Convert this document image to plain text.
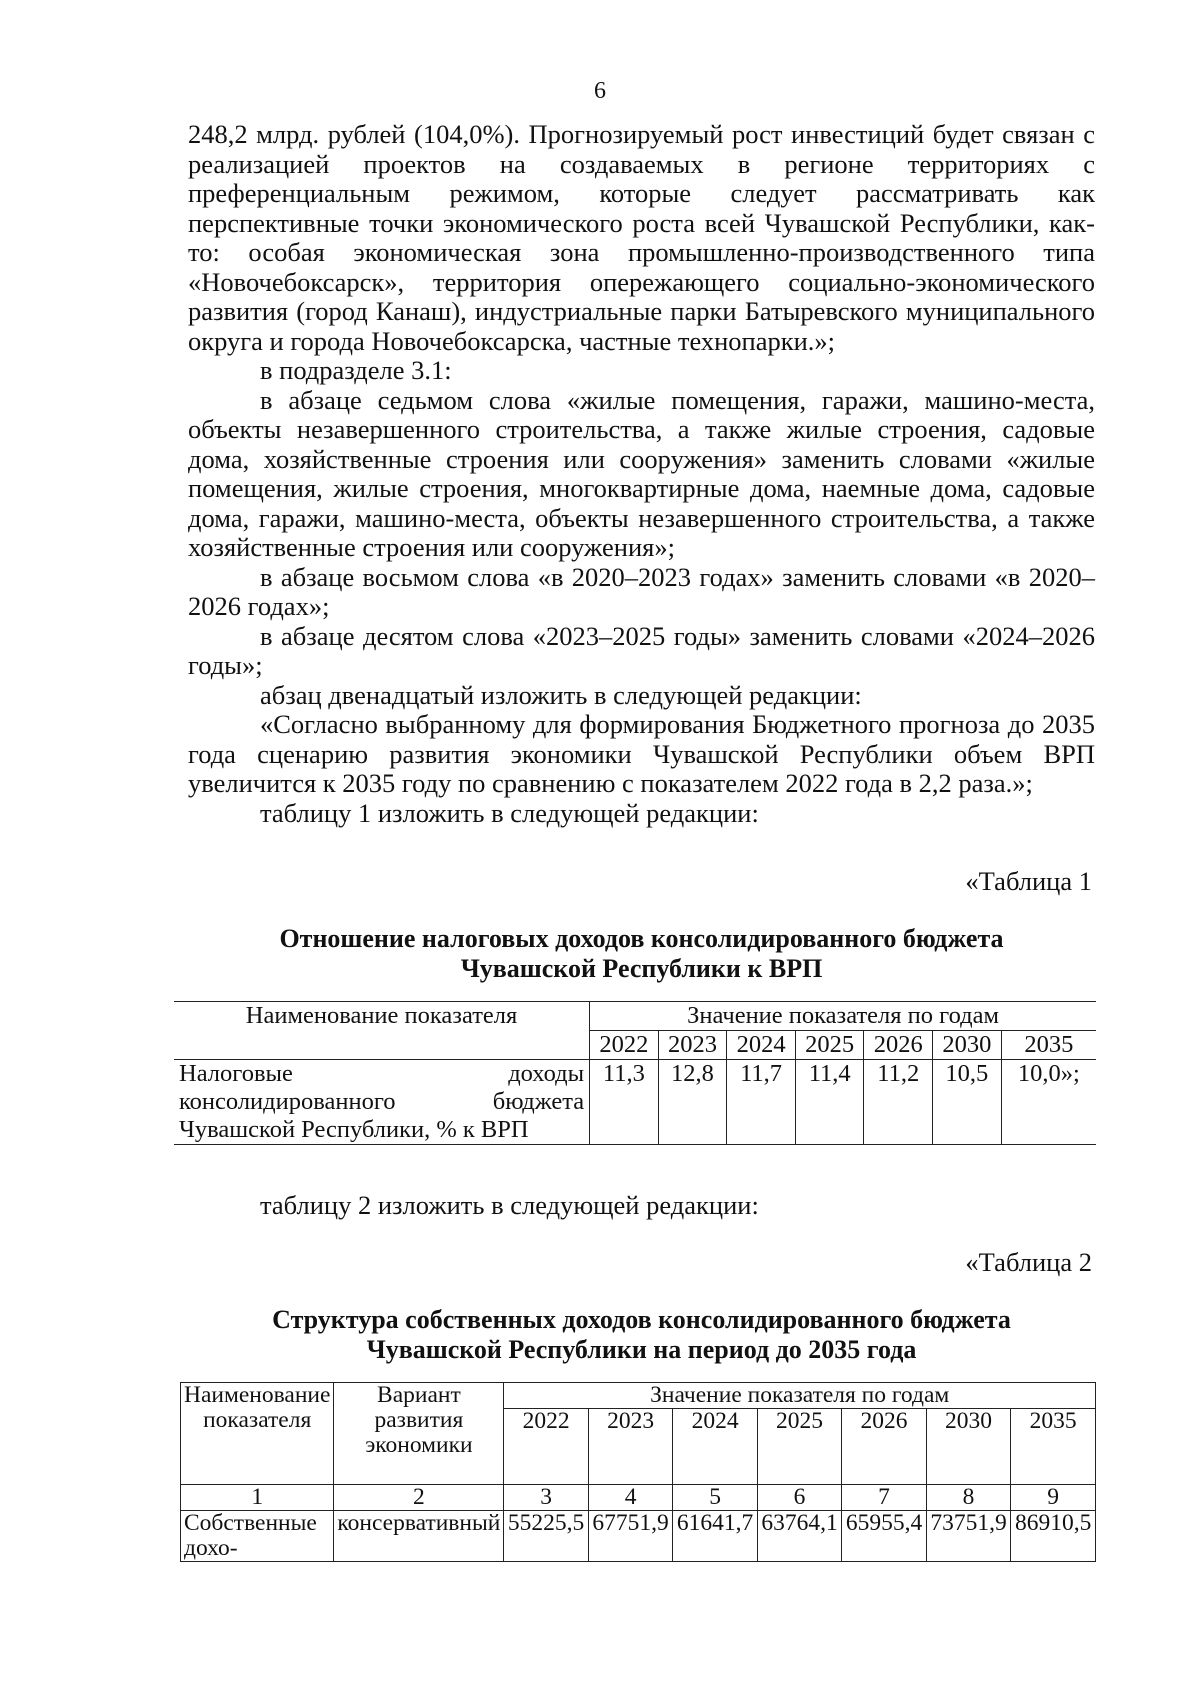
6

248,2 млрд. рублей (104,0%). Прогнозируемый рост инвестиций будет связан с реализацией проектов на создаваемых в регионе территориях с преференциальным режимом, которые следует рассматривать как перспективные точки экономического роста всей Чувашской Республики, как-то: особая экономическая зона промышленно-производственного типа «Новочебоксарск», территория опережающего социально-экономического развития (город Канаш), индустриальные парки Батыревского муниципального округа и города Новочебоксарска, частные технопарки.»;

в подразделе 3.1:

в абзаце седьмом слова «жилые помещения, гаражи, машино-места, объекты незавершенного строительства, а также жилые строения, садовые дома, хозяйственные строения или сооружения» заменить словами «жилые помещения, жилые строения, многоквартирные дома, наемные дома, садовые дома, гаражи, машино-места, объекты незавершенного строительства, а также хозяйственные строения или сооружения»;

в абзаце восьмом слова «в 2020–2023 годах» заменить словами «в 2020–2026 годах»;

в абзаце десятом слова «2023–2025 годы» заменить словами «2024–2026 годы»;

абзац двенадцатый изложить в следующей редакции:

«Согласно выбранному для формирования Бюджетного прогноза до 2035 года сценарию развития экономики Чувашской Республики объем ВРП увеличится к 2035 году по сравнению с показателем 2022 года в 2,2 раза.»;

таблицу 1 изложить в следующей редакции:

«Таблица 1
Отношение налоговых доходов консолидированного бюджета
Чувашской Республики к ВРП
Наименование показателя	Значение показателя по годам						
	2022	2023	2024	2025	2026	2030	2035
Налоговые доходы консолидированного бюджета Чувашской Республики, % к ВРП	11,3	12,8	11,7	11,4	11,2	10,5	10,0»;
таблицу 2 изложить в следующей редакции:
«Таблица 2
Структура собственных доходов консолидированного бюджета
Чувашской Республики на период до 2035 года
Наименование показателя	Вариант развития экономики	Значение показателя по годам						
		2022	2023	2024	2025	2026	2030	2035
1	2	3	4	5	6	7	8	9
Собственные дохо-	консервативный	55225,5	67751,9	61641,7	63764,1	65955,4	73751,9	86910,5
